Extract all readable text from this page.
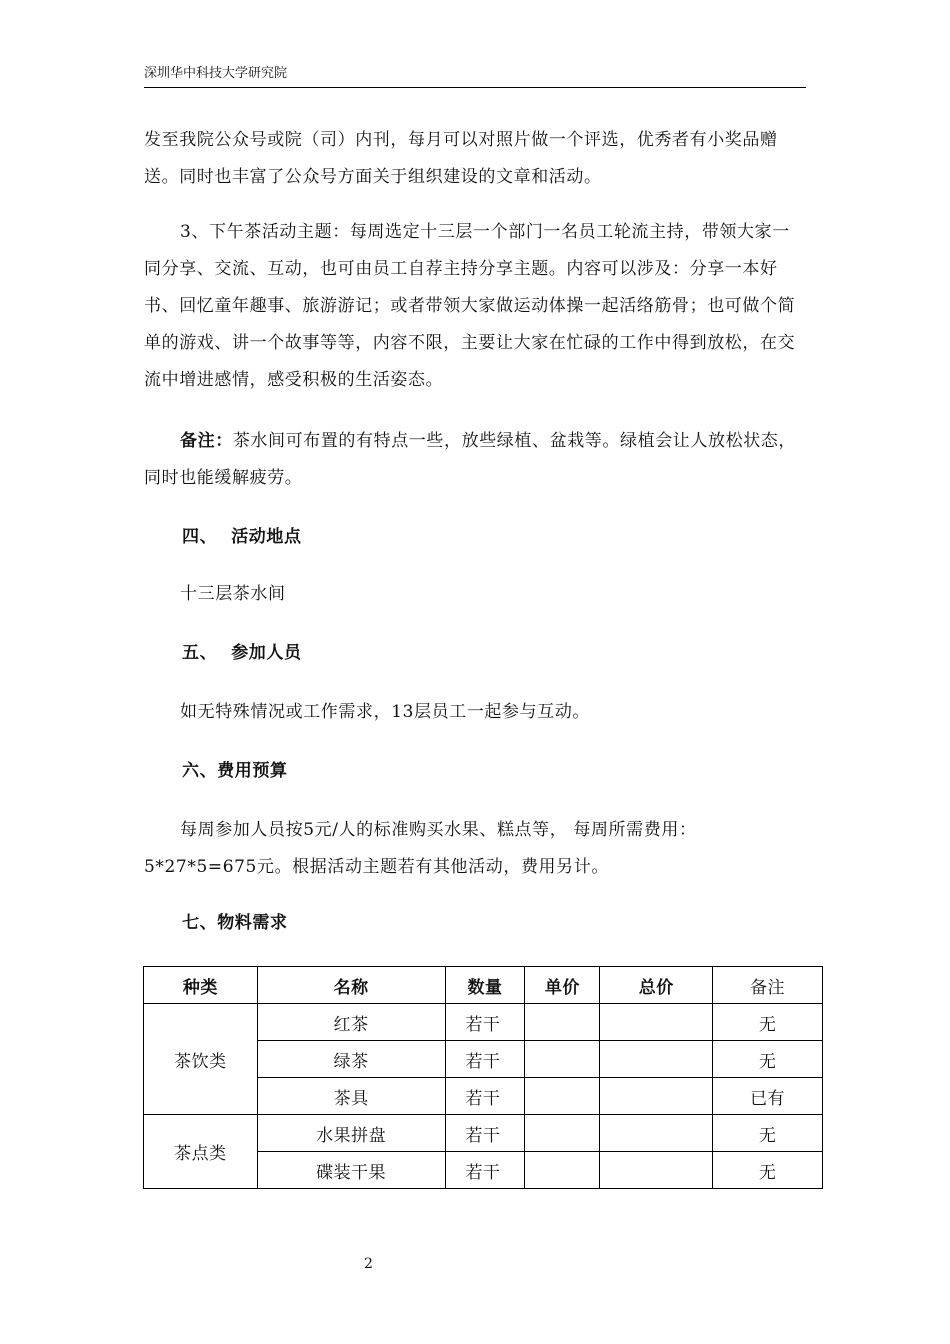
深圳华中科技大学研究院
发至我院公众号或院（司）内刊，每月可以对照片做一个评选，优秀者有小奖品赠送。同时也丰富了公众号方面关于组织建设的文章和活动。
3、下午茶活动主题：每周选定十三层一个部门一名员工轮流主持，带领大家一同分享、交流、互动，也可由员工自荐主持分享主题。内容可以涉及：分享一本好书、回忆童年趣事、旅游游记；或者带领大家做运动体操一起活络筋骨；也可做个简单的游戏、讲一个故事等等，内容不限，主要让大家在忙碌的工作中得到放松，在交流中增进感情，感受积极的生活姿态。
备注：茶水间可布置的有特点一些，放些绿植、盆栽等。绿植会让人放松状态，同时也能缓解疲劳。
四、 活动地点
十三层茶水间
五、 参加人员
如无特殊情况或工作需求，13层员工一起参与互动。
六、费用预算
每周参加人员按5元/人的标准购买水果、糕点等， 每周所需费用：5*27*5=675元。根据活动主题若有其他活动，费用另计。
七、物料需求
种类	名称	数量	单价	总价	备注
茶饮类	红茶	若干			无
	绿茶	若干			无
	茶具	若干			已有
茶点类	水果拼盘	若干			无
	碟装干果	若干			无
2
